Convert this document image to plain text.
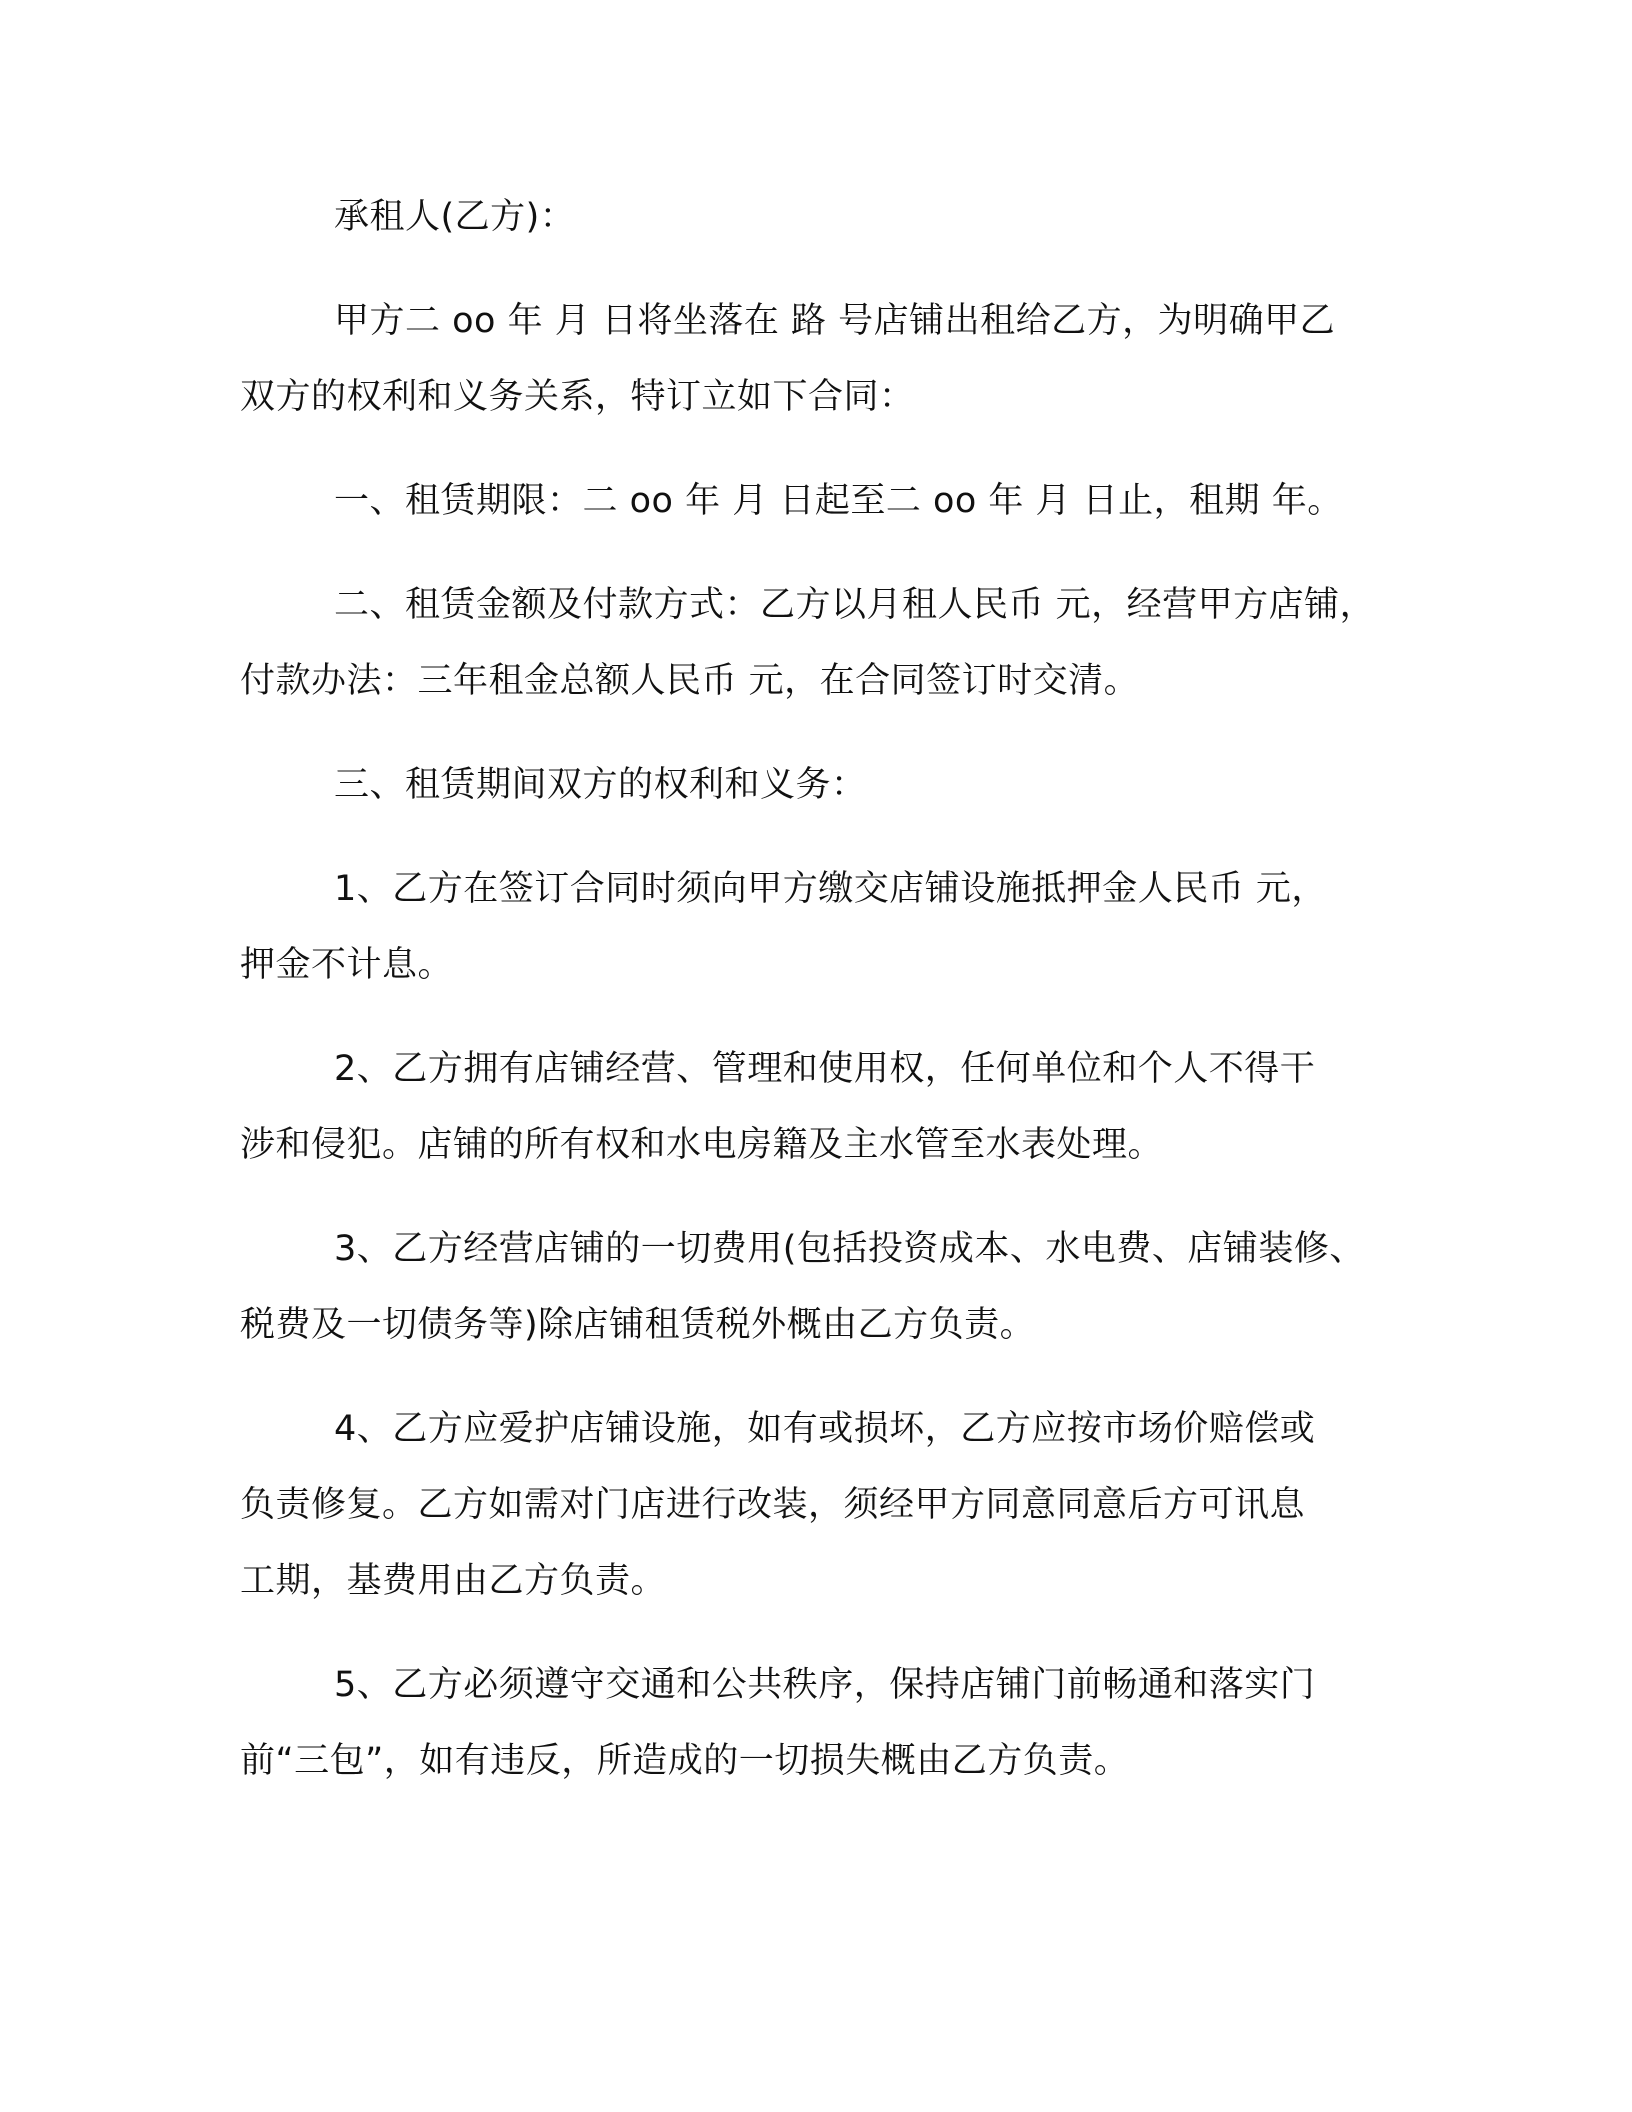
承租人(乙方)：
甲方二 oo 年 月 日将坐落在 路 号店铺出租给乙方，为明确甲乙
双方的权利和义务关系，特订立如下合同：
一、租赁期限：二 oo 年 月 日起至二 oo 年 月 日止，租期 年。
二、租赁金额及付款方式：乙方以月租人民币 元，经营甲方店铺，
付款办法：三年租金总额人民币 元，在合同签订时交清。
三、租赁期间双方的权利和义务：
1、乙方在签订合同时须向甲方缴交店铺设施抵押金人民币 元，
押金不计息。
2、乙方拥有店铺经营、管理和使用权，任何单位和个人不得干
涉和侵犯。店铺的所有权和水电房籍及主水管至水表处理。
3、乙方经营店铺的一切费用(包括投资成本、水电费、店铺装修、
税费及一切债务等)除店铺租赁税外概由乙方负责。
4、乙方应爱护店铺设施，如有或损坏，乙方应按市场价赔偿或
负责修复。乙方如需对门店进行改装，须经甲方同意同意后方可讯息
工期，基费用由乙方负责。
5、乙方必须遵守交通和公共秩序，保持店铺门前畅通和落实门
前“三包”，如有违反，所造成的一切损失概由乙方负责。
